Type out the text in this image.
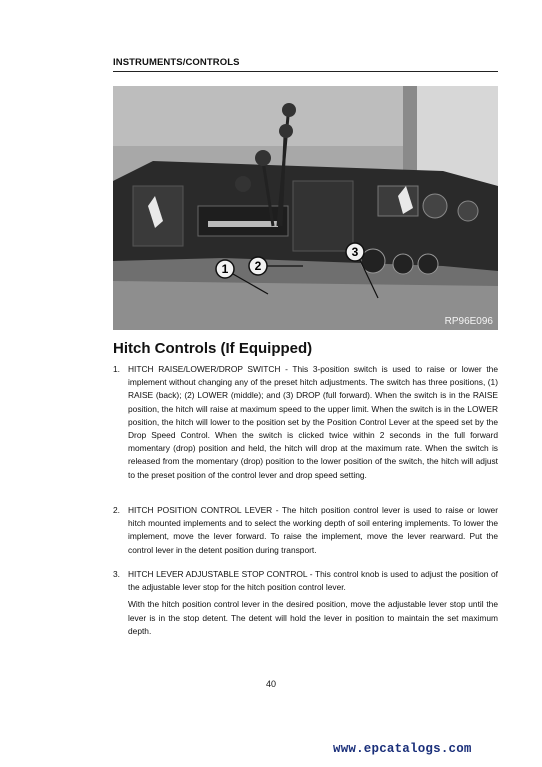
INSTRUMENTS/CONTROLS
1 2
3
RP96E096
Hitch Controls (If Equipped)
1. HITCH RAISE/LOWER/DROP SWITCH - This 3-position switch is used to raise or lower the implement without changing any of the preset hitch adjustments. The switch has three positions, (1) RAISE (back); (2) LOWER (middle); and (3) DROP (full forward). When the switch is in the RAISE position, the hitch will raise at maximum speed to the upper limit. When the switch is in the LOWER position, the hitch will lower to the position set by the Position Control Lever at the speed set by the Drop Speed Control. When the switch is clicked twice within 2 seconds in the full forward momentary (drop) position and held, the hitch will drop at the maximum rate. When the switch is released from the momentary (drop) position to the lower position of the switch, the hitch will adjust to the preset position of the control lever and drop speed setting.

2. HITCH POSITION CONTROL LEVER - The hitch position control lever is used to raise or lower hitch mounted implements and to select the working depth of soil entering implements. To lower the implement, move the lever forward. To raise the implement, move the lever rearward. Put the control lever in the detent position during transport.

3. HITCH LEVER ADJUSTABLE STOP CONTROL - This control knob is used to adjust the position of the adjustable lever stop for the hitch position control lever.

With the hitch position control lever in the desired position, move the adjustable lever stop until the lever is in the stop detent. The detent will hold the lever in position to maintain the set maximum depth.

40
www.epcatalogs.com
